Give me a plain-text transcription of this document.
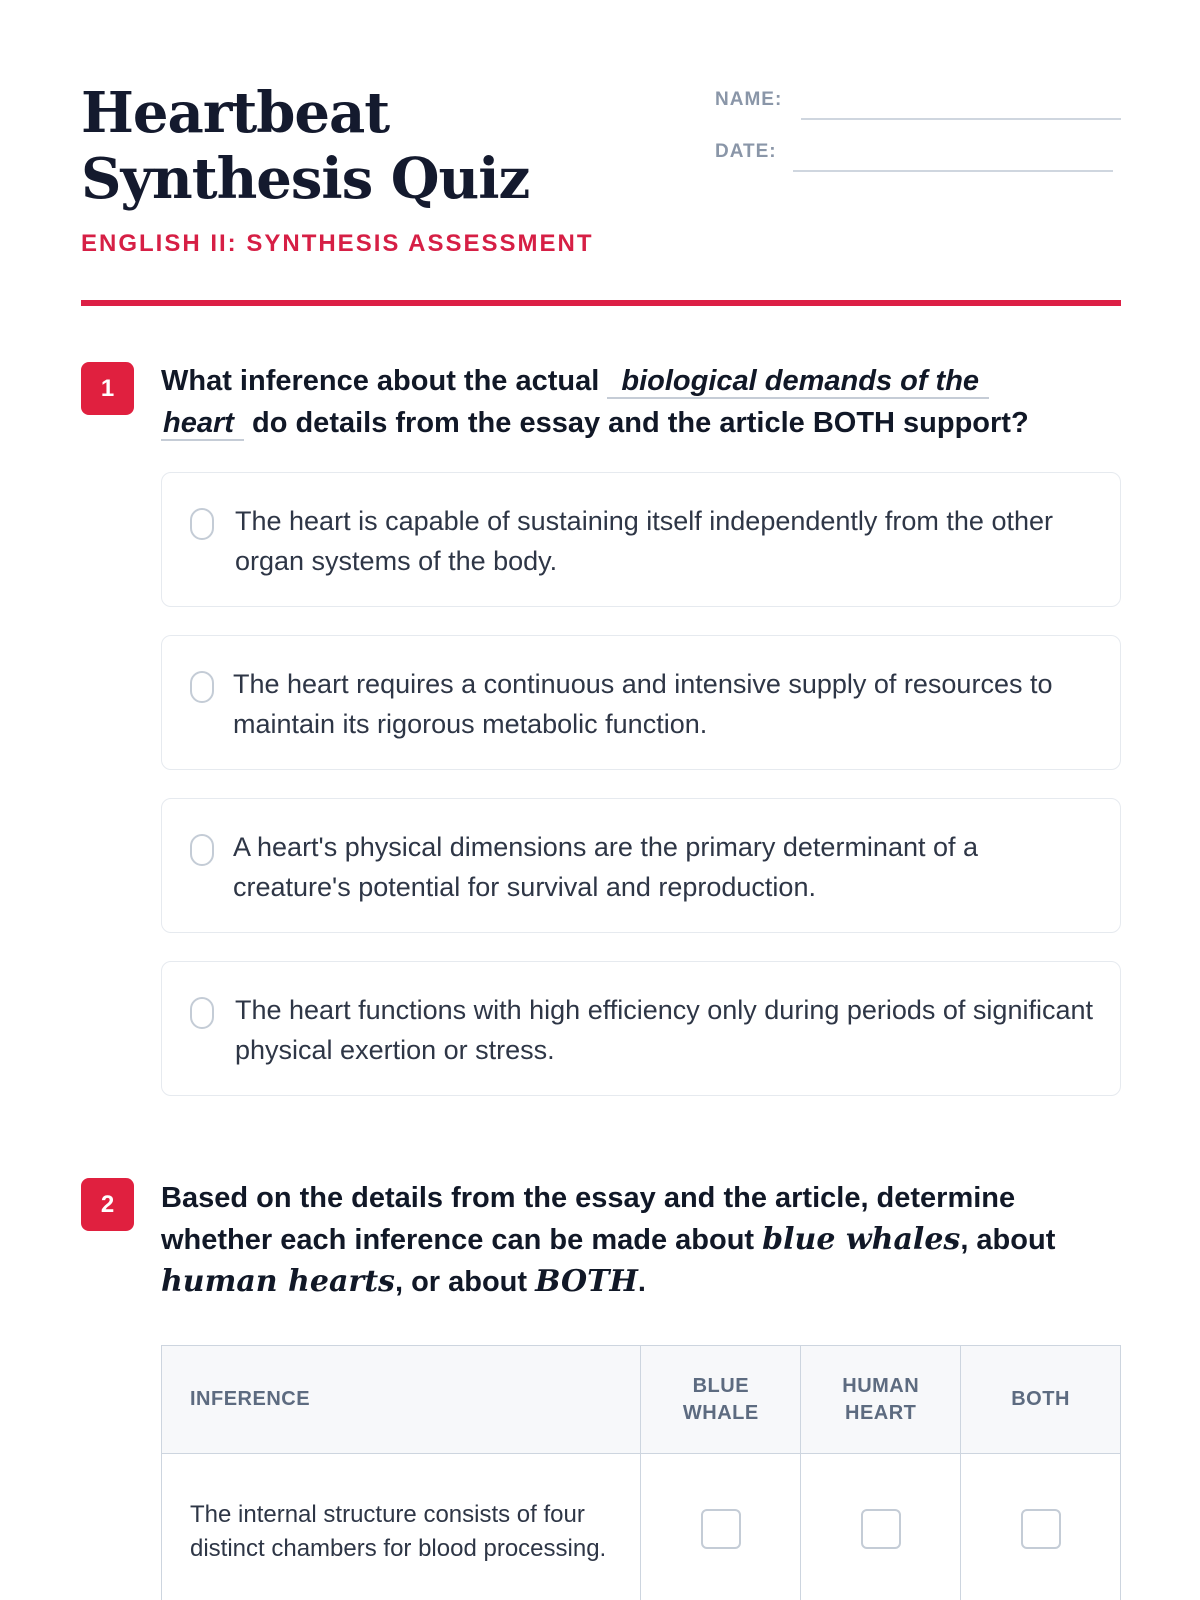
Heartbeat Synthesis Quiz
ENGLISH II: SYNTHESIS ASSESSMENT
NAME:
DATE:
1	What inference about the actual biological demands of the
heart do details from the essay and the article BOTH support?
The heart is capable of sustaining itself independently from the other organ systems of the body.
The heart requires a continuous and intensive supply of resources to maintain its rigorous metabolic function.
A heart's physical dimensions are the primary determinant of a creature's potential for survival and reproduction.
The heart functions with high efficiency only during periods of significant physical exertion or stress.
2	Based on the details from the essay and the article, determine whether each inference can be made about blue whales, about human hearts, or about BOTH.
INFERENCE	BLUE WHALE	HUMAN HEART	BOTH
The internal structure consists of four distinct chambers for blood processing.			
